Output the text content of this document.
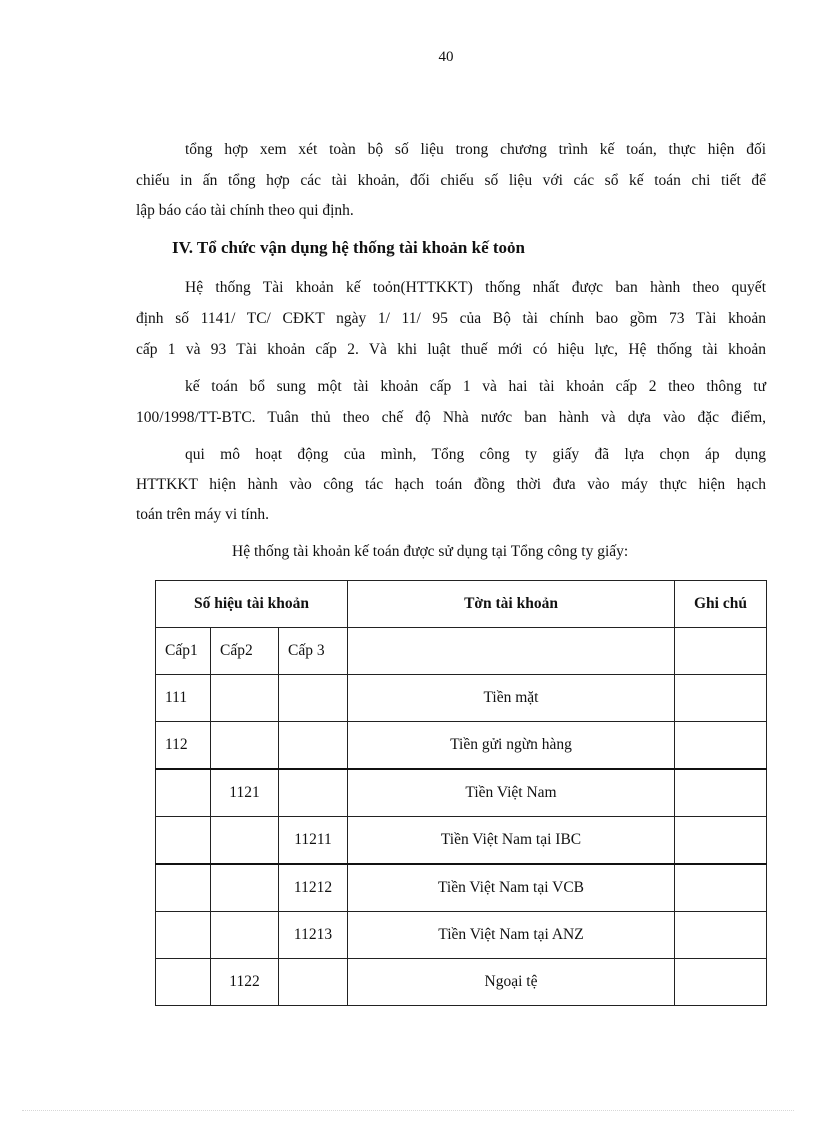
40
tổng hợp xem xét toàn bộ số liệu trong chương trình kế toán, thực hiện đối
chiếu in ấn tổng hợp các tài khoản, đối chiếu số liệu với các sổ kế toán chi tiết để
lập báo cáo tài chính theo qui định.
IV. Tổ chức vận dụng hệ thống tài khoản kế toỏn
Hệ thống Tài khoản kế toỏn(HTTKKT) thống nhất được ban hành theo quyết
định số 1141/ TC/ CĐKT ngày 1/ 11/ 95 của Bộ tài chính bao gồm 73 Tài khoản
cấp 1 và 93 Tài khoản cấp 2. Và khi luật thuế mới có hiệu lực, Hệ thống tài khoản
kế toán bổ sung một tài khoản cấp 1 và hai tài khoản cấp 2 theo thông tư
100/1998/TT-BTC. Tuân thủ theo chế độ Nhà nước ban hành và dựa vào đặc điểm,
qui mô hoạt động của mình, Tổng công ty giấy đã lựa chọn áp dụng
HTTKKT hiện hành vào công tác hạch toán đồng thời đưa vào máy thực hiện hạch
toán trên máy vi tính.
Hệ thống tài khoản kế toán được sử dụng tại Tổng công ty giấy:
Số hiệu tài khoản			Tờn tài khoản	Ghi chú
Cấp1	Cấp2	Cấp 3		
111			Tiền mặt	
112			Tiền gửi ngừn hàng	
	1121		Tiền Việt Nam	
		11211	Tiền Việt Nam tại IBC	
		11212	Tiền Việt Nam tại VCB	
		11213	Tiền Việt Nam tại ANZ	
	1122		Ngoại tệ	
